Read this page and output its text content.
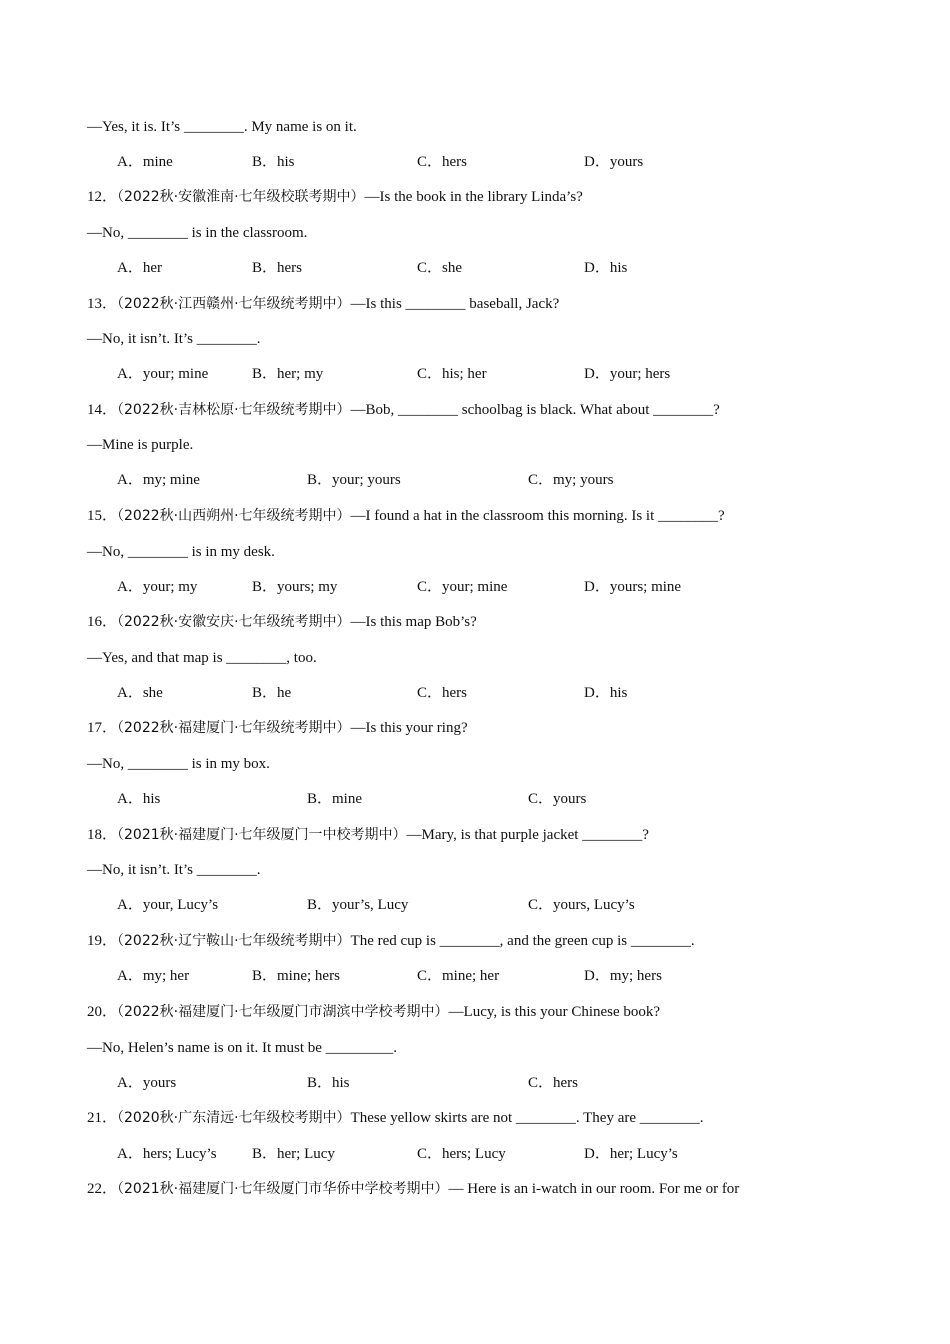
—Yes, it is. It’s ________. My name is on it.
A．mine	B．his	C．hers	D．yours
12．（2022秋·安徽淮南·七年级校联考期中）—Is the book in the library Linda’s?
—No, ________ is in the classroom.
A．her	B．hers	C．she	D．his
13．（2022秋·江西赣州·七年级统考期中）—Is this ________ baseball, Jack?
—No, it isn’t. It’s ________.
A．your; mine	B．her; my	C．his; her	D．your; hers
14．（2022秋·吉林松原·七年级统考期中）—Bob, ________ schoolbag is black. What about ________?
—Mine is purple.
A．my; mine	B．your; yours	C．my; yours
15．（2022秋·山西朔州·七年级统考期中）—I found a hat in the classroom this morning. Is it ________?
—No, ________ is in my desk.
A．your; my	B．yours; my	C．your; mine	D．yours; mine
16．（2022秋·安徽安庆·七年级统考期中）—Is this map Bob’s?
—Yes, and that map is ________, too.
A．she	B．he	C．hers	D．his
17．（2022秋·福建厦门·七年级统考期中）—Is this your ring?
—No, ________ is in my box.
A．his	B．mine	C．yours
18．（2021秋·福建厦门·七年级厦门一中校考期中）—Mary, is that purple jacket ________?
—No, it isn’t. It’s ________.
A．your, Lucy’s	B．your’s, Lucy	C．yours, Lucy’s
19．（2022秋·辽宁鞍山·七年级统考期中）The red cup is ________, and the green cup is ________.
A．my; her	B．mine; hers	C．mine; her	D．my; hers
20．（2022秋·福建厦门·七年级厦门市湖滨中学校考期中）—Lucy, is this your Chinese book?
—No, Helen’s name is on it. It must be _________.
A．yours	B．his	C．hers
21．（2020秋·广东清远·七年级校考期中）These yellow skirts are not ________. They are ________.
A．hers; Lucy’s B．her; Lucy	C．hers; Lucy	D．her; Lucy’s
22．（2021秋·福建厦门·七年级厦门市华侨中学校考期中）— Here is an i-watch in our room. For me or for
